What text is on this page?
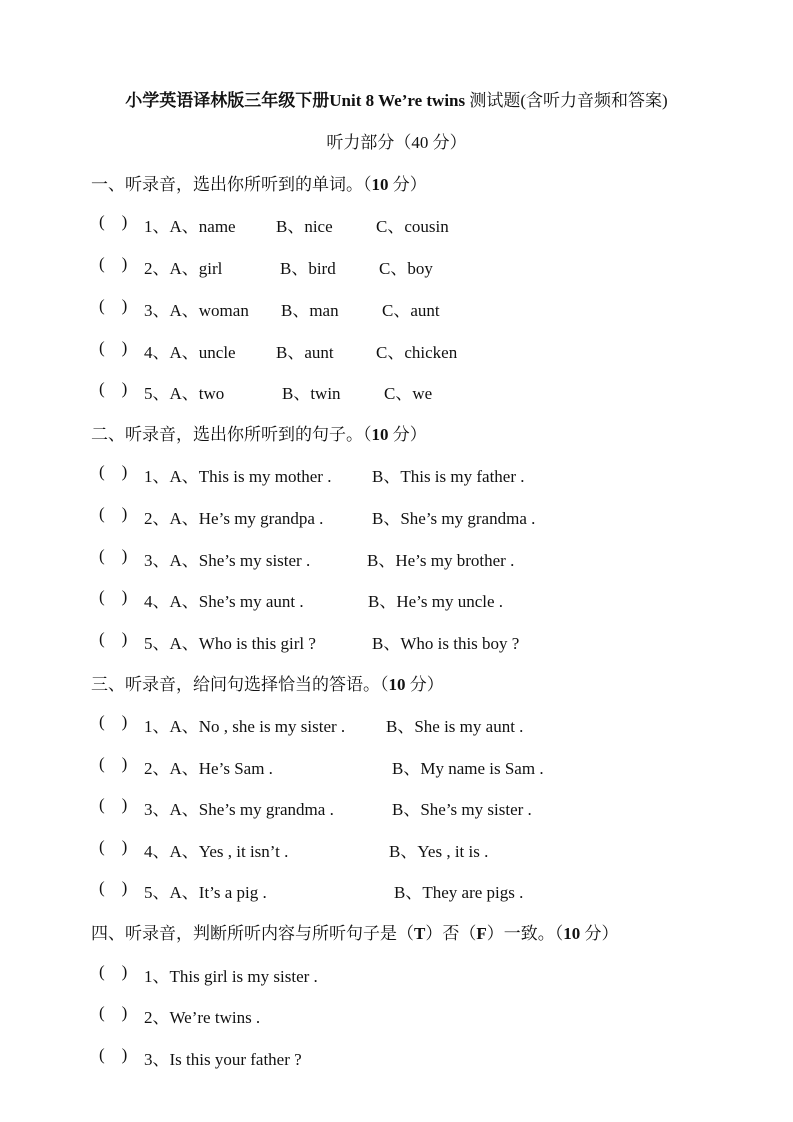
小学英语译林版三年级下册Unit 8 We’re twins 测试题(含听力音频和答案)
听力部分（40 分）
一、听录音，选出你所听到的单词。（10 分）
(    ) 1、A、name B、nice	C、cousin
(    ) 2、A、girl	B、bird	C、boy
(    ) 3、A、woman B、man	C、aunt
(    ) 4、A、uncle B、aunt C、chicken
(    ) 5、A、two	B、twin	C、we
二、听录音，选出你所听到的句子。（10 分）
(    ) 1、A、This is my mother . B、This is my father .
(    ) 2、A、He’s my grandpa .	B、She’s my grandma .
(    ) 3、A、She’s my sister .	B、He’s my brother .
(    ) 4、A、She’s my aunt .	B、He’s my uncle .
(    ) 5、A、Who is this girl ?	B、Who is this boy ?
三、听录音，给问句选择恰当的答语。（10 分）
(    ) 1、A、No , she is my sister . B、She is my aunt .
(    ) 2、A、He’s Sam .	B、My name is Sam .
(    ) 3、A、She’s my grandma .	B、She’s my sister .
(    ) 4、A、Yes , it isn’t .	B、Yes , it is .
(    ) 5、A、It’s a pig .	B、They are pigs .
四、听录音，判断所听内容与所听句子是（T）否（F）一致。（10 分）
(    ) 1、This girl is my sister .
(    ) 2、We’re twins .
(    ) 3、Is this your father ?
